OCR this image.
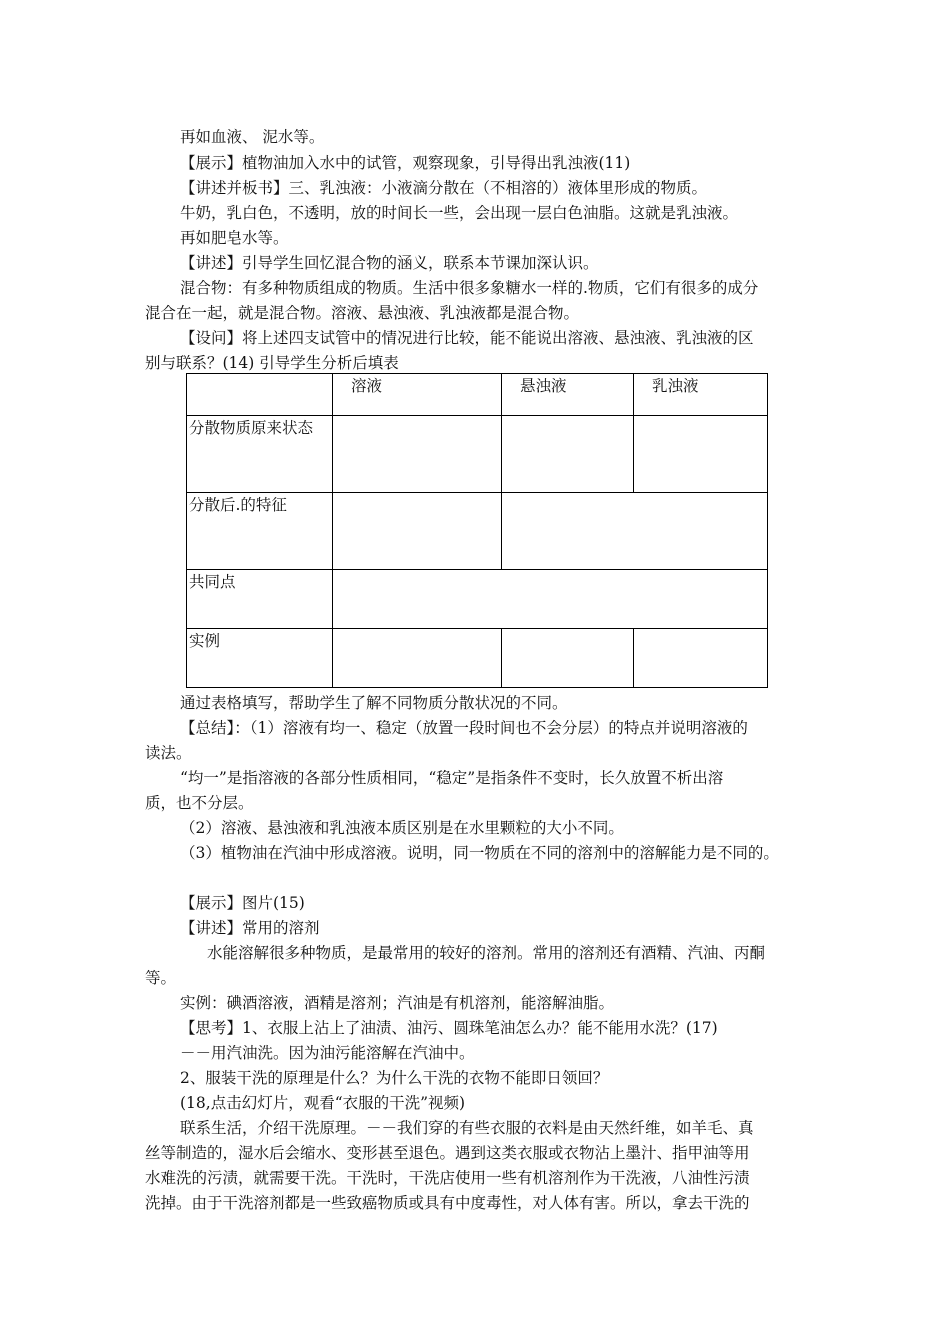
再如血液、 泥水等。
【展示】植物油加入水中的试管，观察现象，引导得出乳浊液(11)
【讲述并板书】三、乳浊液：小液滴分散在（不相溶的）液体里形成的物质。
牛奶，乳白色，不透明，放的时间长一些，会出现一层白色油脂。这就是乳浊液。
再如肥皂水等。
【讲述】引导学生回忆混合物的涵义，联系本节课加深认识。
混合物：有多种物质组成的物质。生活中很多象糖水一样的.物质，它们有很多的成分
混合在一起，就是混合物。溶液、悬浊液、乳浊液都是混合物。
【设问】将上述四支试管中的情况进行比较，能不能说出溶液、悬浊液、乳浊液的区
别与联系？(14) 引导学生分析后填表
	溶液	悬浊液	乳浊液
分散物质原来状态			
分散后.的特征			
共同点			
实例			
通过表格填写，帮助学生了解不同物质分散状况的不同。
【总结】：（1）溶液有均一、稳定（放置一段时间也不会分层）的特点并说明溶液的
读法。
“均一”是指溶液的各部分性质相同，“稳定”是指条件不变时，长久放置不析出溶
质，也不分层。
（2）溶液、悬浊液和乳浊液本质区别是在水里颗粒的大小不同。
（3）植物油在汽油中形成溶液。说明，同一物质在不同的溶剂中的溶解能力是不同的。
【展示】图片(15)
【讲述】常用的溶剂
水能溶解很多种物质，是最常用的较好的溶剂。常用的溶剂还有酒精、汽油、丙酮
等。
实例：碘酒溶液，酒精是溶剂；汽油是有机溶剂，能溶解油脂。
【思考】1、衣服上沾上了油渍、油污、圆珠笔油怎么办？能不能用水洗？(17)
－－用汽油洗。因为油污能溶解在汽油中。
2、服装干洗的原理是什么？为什么干洗的衣物不能即日领回？
(18,点击幻灯片，观看“衣服的干洗”视频)
联系生活，介绍干洗原理。－－我们穿的有些衣服的衣料是由天然纤维，如羊毛、真
丝等制造的，湿水后会缩水、变形甚至退色。遇到这类衣服或衣物沾上墨汁、指甲油等用
水难洗的污渍，就需要干洗。干洗时，干洗店使用一些有机溶剂作为干洗液，八油性污渍
洗掉。由于干洗溶剂都是一些致癌物质或具有中度毒性，对人体有害。所以，拿去干洗的
